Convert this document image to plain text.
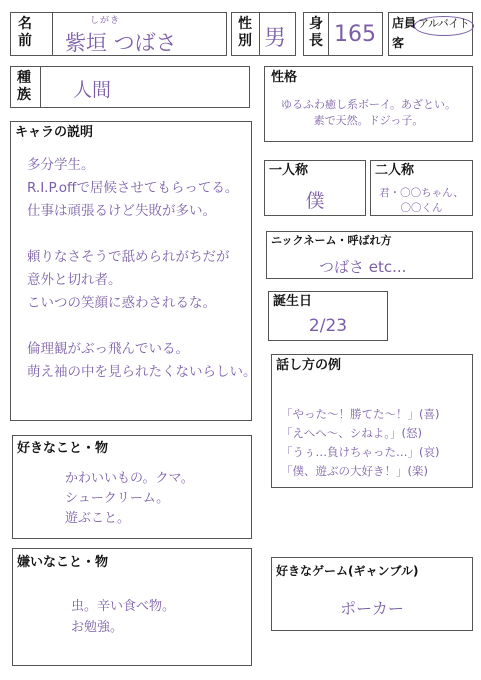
名
前
しがき
紫垣 つばさ
性
別 男
身
長 165 店員
客
アルバイト
種
族 人間
性格
ゆるふわ癒し系ボーイ。あざとい。
素で天然。ドジっ子。
キャラの説明
多分学生。
R.I.P.offで居候させてもらってる。
仕事は頑張るけど失敗が多い。
頼りなさそうで舐められがちだが
意外と切れ者。
こいつの笑顔に惑わされるな。
倫理観がぶっ飛んでいる。
萌え袖の中を見られたくないらしい。
一人称
僕
二人称
君・〇〇ちゃん、
〇〇くん
ニックネーム・呼ばれ方
つばさ etc...
誕生日
2/23
話し方の例
「やった〜！勝てた〜！」(喜)
「えへへ〜、シねよ。」(怒)
「うぅ…負けちゃった…」(哀)
「僕、遊ぶの大好き！」(楽)
好きなこと・物
かわいいもの。クマ。
シュークリーム。
遊ぶこと。
嫌いなこと・物
虫。辛い食べ物。
お勉強。
好きなゲーム(ギャンブル)
ポーカー
